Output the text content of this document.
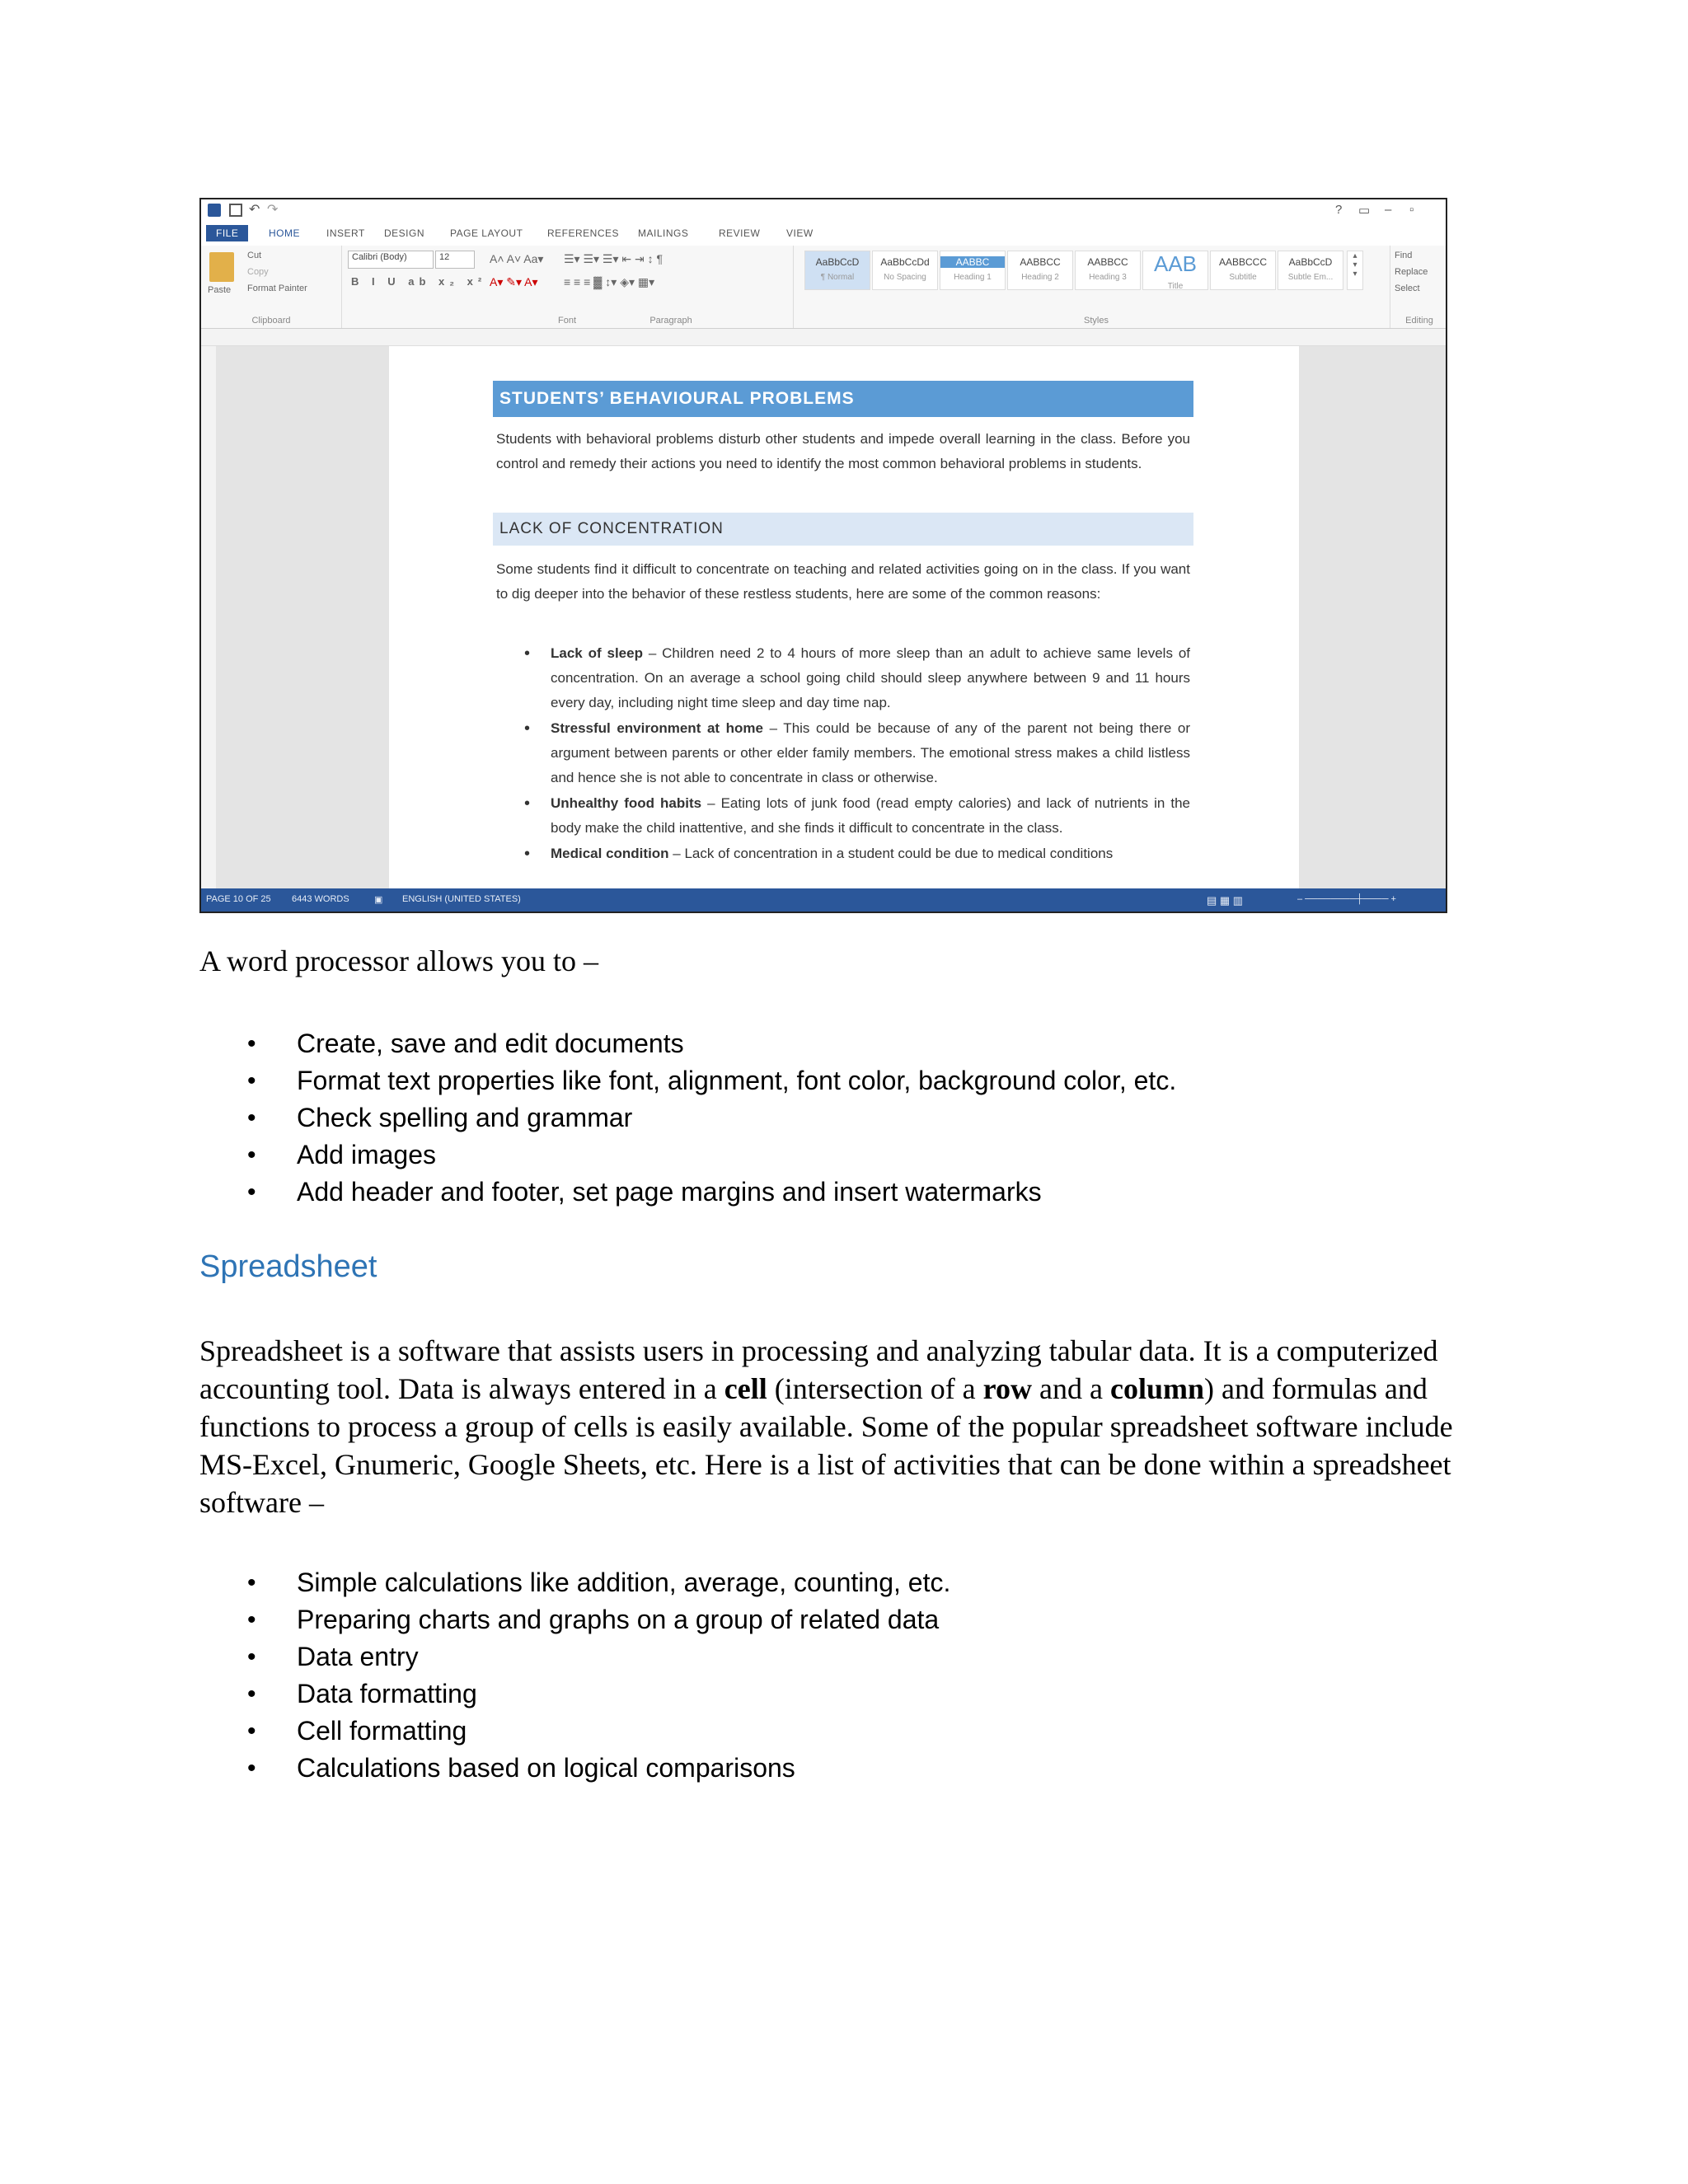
↶ ↷	? ▭ – ▫
FILE	HOME	INSERT DESIGN	PAGE LAYOUT REFERENCES MAILINGS	REVIEW	VIEW
Paste
Cut
Copy
Format Painter
Clipboard
Calibri (Body)	12	A˄ A˅ Aa▾
B I U ab x₂ x² A▾ ✎▾ A▾
Font
☰▾ ☰▾ ☰▾ ⇤ ⇥ ↕ ¶
≡ ≡ ≡ ▓ ↕▾ ◈▾ ▦▾
Paragraph
AaBbCcD
¶ Normal
AaBbCcDd
No Spacing
AABBC
Heading 1
AABBCC
Heading 2
AABBCC
Heading 3
AAB
Title
AABBCCC
Subtitle
AaBbCcD
Subtle Em...
▴
▾
▾
Styles
Find
Replace
Select
Editing
STUDENTS’ BEHAVIOURAL PROBLEMS
Students with behavioral problems disturb other students and impede overall learning in the class. Before you control and remedy their actions you need to identify the most common behavioral problems in students.
LACK OF CONCENTRATION
Some students find it difficult to concentrate on teaching and related activities going on in the class. If you want to dig deeper into the behavior of these restless students, here are some of the common reasons:
• Lack of sleep – Children need 2 to 4 hours of more sleep than an adult to achieve same levels of concentration. On an average a school going child should sleep anywhere between 9 and 11 hours every day, including night time sleep and day time nap.
• Stressful environment at home – This could be because of any of the parent not being there or argument between parents or other elder family members. The emotional stress makes a child listless and hence she is not able to concentrate in class or otherwise.
• Unhealthy food habits – Eating lots of junk food (read empty calories) and lack of nutrients in the body make the child inattentive, and she finds it difficult to concentrate in the class.
• Medical condition – Lack of concentration in a student could be due to medical conditions
PAGE 10 OF 25 6443 WORDS	▣ ENGLISH (UNITED STATES)	▤ ▦ ▥	– ────────┼──── +
A word processor allows you to –
• Create, save and edit documents
• Format text properties like font, alignment, font color, background color, etc.
• Check spelling and grammar
• Add images
• Add header and footer, set page margins and insert watermarks
Spreadsheet

Spreadsheet is a software that assists users in processing and analyzing tabular data. It is a computerized accounting tool. Data is always entered in a cell (intersection of a row and a column) and formulas and functions to process a group of cells is easily available. Some of the popular spreadsheet software include MS-Excel, Gnumeric, Google Sheets, etc. Here is a list of activities that can be done within a spreadsheet software –

• Simple calculations like addition, average, counting, etc.
• Preparing charts and graphs on a group of related data
• Data entry
• Data formatting
• Cell formatting
• Calculations based on logical comparisons
